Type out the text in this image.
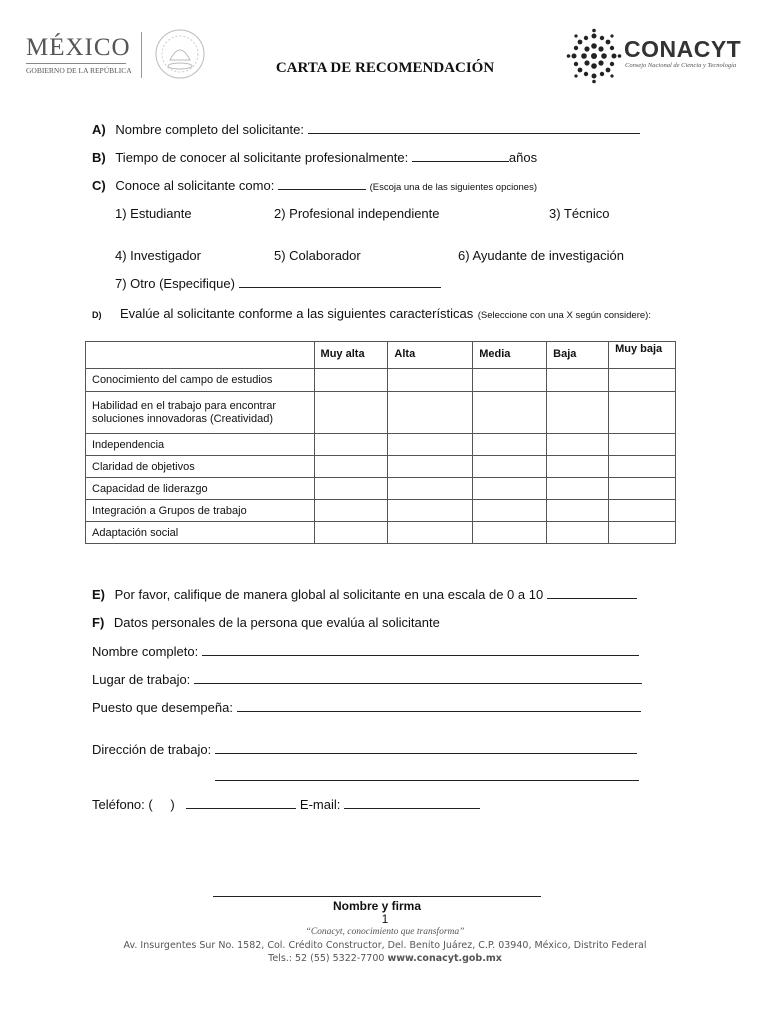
MÉXICO
GOBIERNO DE LA REPÚBLICA
CONACYT
Consejo Nacional de Ciencia y Tecnología
CARTA DE RECOMENDACIÓN
A) Nombre completo del solicitante:
B) Tiempo de conocer al solicitante profesionalmente:	años
C) Conoce al solicitante como:	(Escoja una de las siguientes opciones)
1) Estudiante	2) Profesional independiente	3) Técnico
4) Investigador	5) Colaborador	6) Ayudante de investigación
7) Otro (Especifique)
D) Evalúe al solicitante conforme a las siguientes características (Seleccione con una X según considere):
	Muy alta	Alta	Media	Baja	Muy baja
Conocimiento del campo de estudios					
Habilidad en el trabajo para encontrar soluciones innovadoras (Creatividad)					
Independencia					
Claridad de objetivos					
Capacidad de liderazgo					
Integración a Grupos de trabajo					
Adaptación social					
E) Por favor, califique de manera global al solicitante en una escala de 0 a 10
F) Datos personales de la persona que evalúa al solicitante
Nombre completo:
Lugar de trabajo:
Puesto que desempeña:
Dirección de trabajo:
Teléfono: ( )	E-mail:
Nombre y firma
1
“Conacyt, conocimiento que transforma”
Av. Insurgentes Sur No. 1582, Col. Crédito Constructor, Del. Benito Juárez, C.P. 03940, México, Distrito Federal
Tels.: 52 (55) 5322-7700 www.conacyt.gob.mx
